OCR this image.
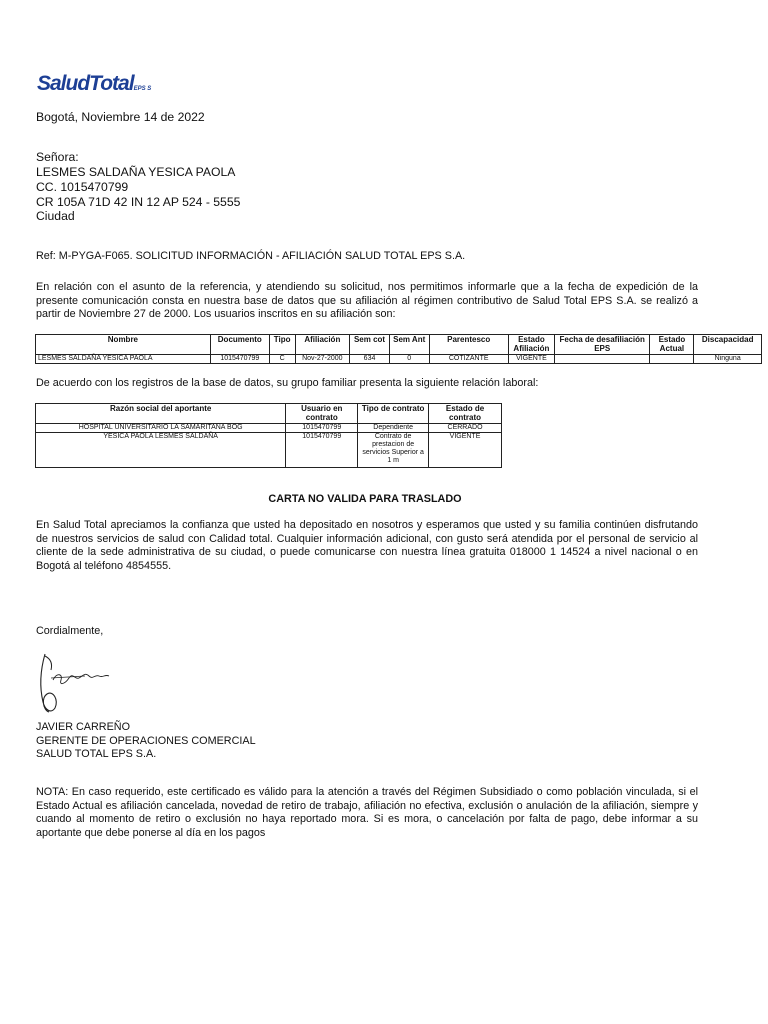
SaludTotalEPS S
Bogotá, Noviembre 14 de 2022
Señora:
LESMES SALDAÑA YESICA PAOLA
CC. 1015470799
CR 105A 71D 42 IN 12 AP 524 - 5555
Ciudad
Ref: M-PYGA-F065. SOLICITUD INFORMACIÓN - AFILIACIÓN SALUD TOTAL EPS S.A.
En relación con el asunto de la referencia, y atendiendo su solicitud, nos permitimos informarle que a la fecha de expedición de la presente comunicación consta en nuestra base de datos que su afiliación al régimen contributivo de Salud Total EPS S.A. se realizó a partir de Noviembre 27 de 2000. Los usuarios inscritos en su afiliación son:
Nombre	Documento	Tipo	Afiliación	Sem cot	Sem Ant	Parentesco	Estado Afiliación	Fecha de desafiliación EPS	Estado Actual	Discapacidad
LESMES SALDAÑA YESICA PAOLA	1015470799	C	Nov-27-2000	634	0	COTIZANTE	VIGENTE			Ninguna
De acuerdo con los registros de la base de datos, su grupo familiar presenta la siguiente relación laboral:
Razón social del aportante	Usuario en contrato	Tipo de contrato	Estado de contrato
HOSPITAL UNIVERSITARIO LA SAMARITANA BOG	1015470799	Dependiente	CERRADO
YESICA PAOLA LESMES SALDAÑA	1015470799	Contrato de prestacion de servicios Superior a 1 m	VIGENTE
CARTA NO VALIDA PARA TRASLADO
En Salud Total apreciamos la confianza que usted ha depositado en nosotros y esperamos que usted y su familia continúen disfrutando de nuestros servicios de salud con Calidad total. Cualquier información adicional, con gusto será atendida por el personal de servicio al cliente de la sede administrativa de su ciudad, o puede comunicarse con nuestra línea gratuita 018000 1 14524 a nivel nacional o en Bogotá al teléfono 4854555.
Cordialmente,
JAVIER CARREÑO
GERENTE DE OPERACIONES COMERCIAL
SALUD TOTAL EPS S.A.
NOTA: En caso requerido, este certificado es válido para la atención a través del Régimen Subsidiado o como población vinculada, si el Estado Actual es afiliación cancelada, novedad de retiro de trabajo, afiliación no efectiva, exclusión o anulación de la afiliación, siempre y cuando al momento de retiro o exclusión no haya reportado mora. Si es mora, o cancelación por falta de pago, debe informar a su aportante que debe ponerse al día en los pagos
